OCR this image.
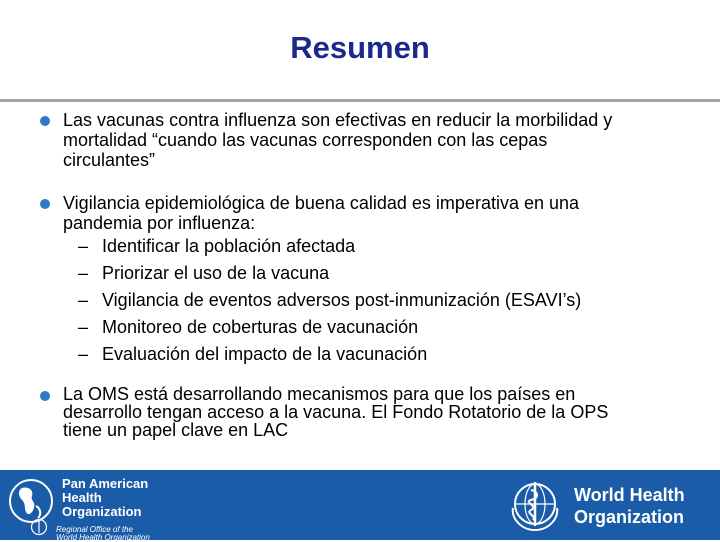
Resumen
Las vacunas contra influenza son efectivas en reducir la morbilidad y
mortalidad “cuando las vacunas corresponden con las cepas
circulantes”
Vigilancia epidemiológica de buena calidad es imperativa en una
pandemia por influenza:
– Identificar la población afectada
– Priorizar el uso de la vacuna
– Vigilancia de eventos adversos post-inmunización (ESAVI’s)
– Monitoreo de coberturas de vacunación
– Evaluación del impacto de la vacunación
La OMS está desarrollando mecanismos para que los países en
desarrollo tengan acceso a la vacuna. El Fondo Rotatorio de la OPS
tiene un papel clave en LAC
Pan American
Health
Organization
Regional Office of the
World Health Organization
World Health
Organization
